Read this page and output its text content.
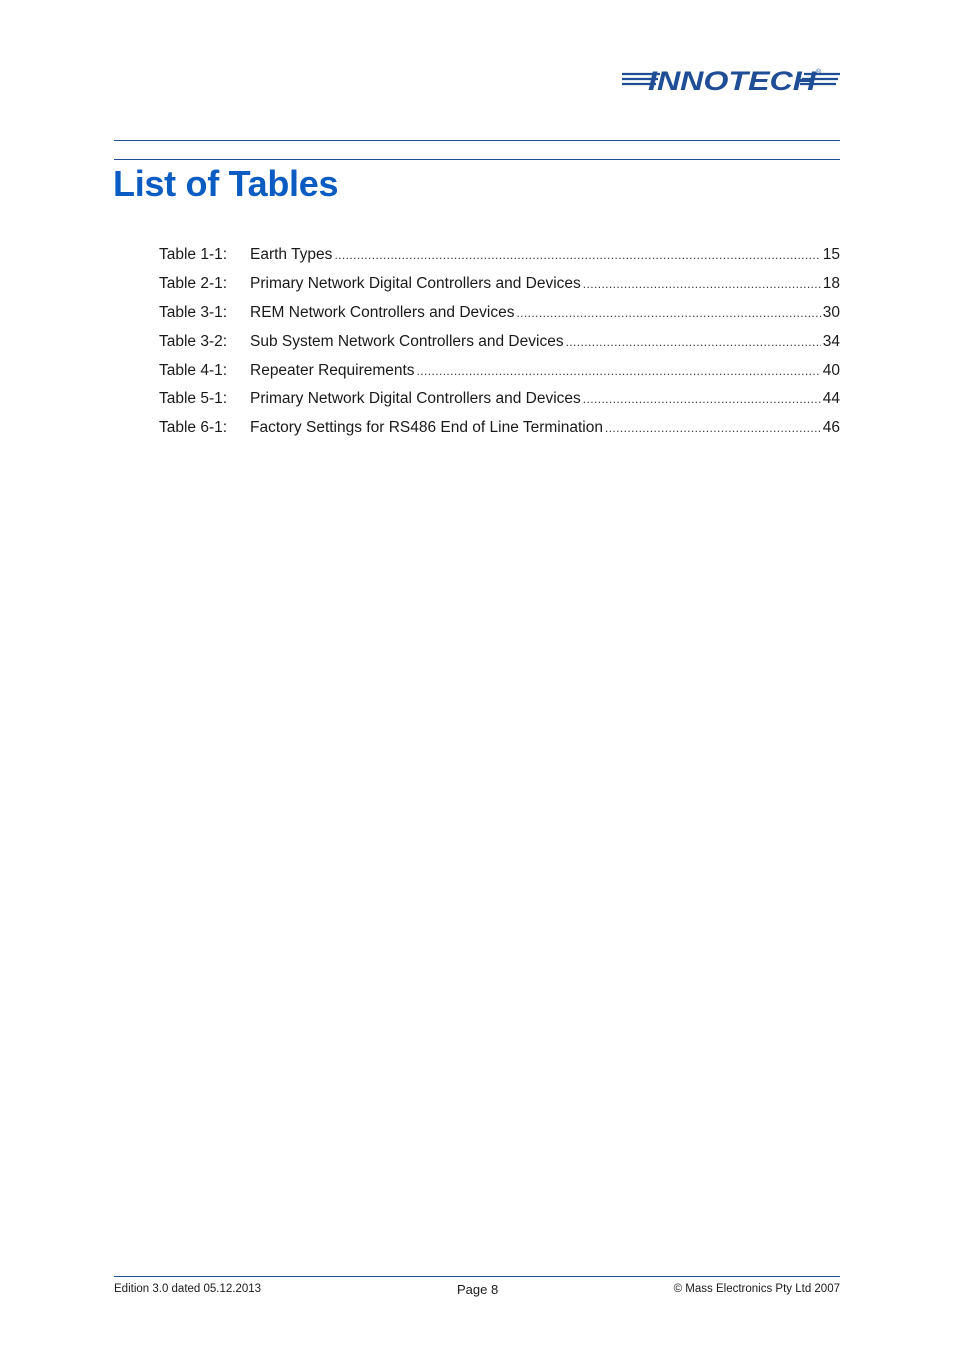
INNOTECH ®
List of Tables
Table 1-1:	Earth Types .....	15
Table 2-1:	Primary Network Digital Controllers and Devices .....	18
Table 3-1:	REM Network Controllers and Devices .....	30
Table 3-2:	Sub System Network Controllers and Devices .....	34
Table 4-1:	Repeater Requirements .....	40
Table 5-1:	Primary Network Digital Controllers and Devices .....	44
Table 6-1:	Factory Settings for RS486 End of Line Termination .....	46
Edition 3.0 dated 05.12.2013	Page 8	© Mass Electronics Pty Ltd 2007
